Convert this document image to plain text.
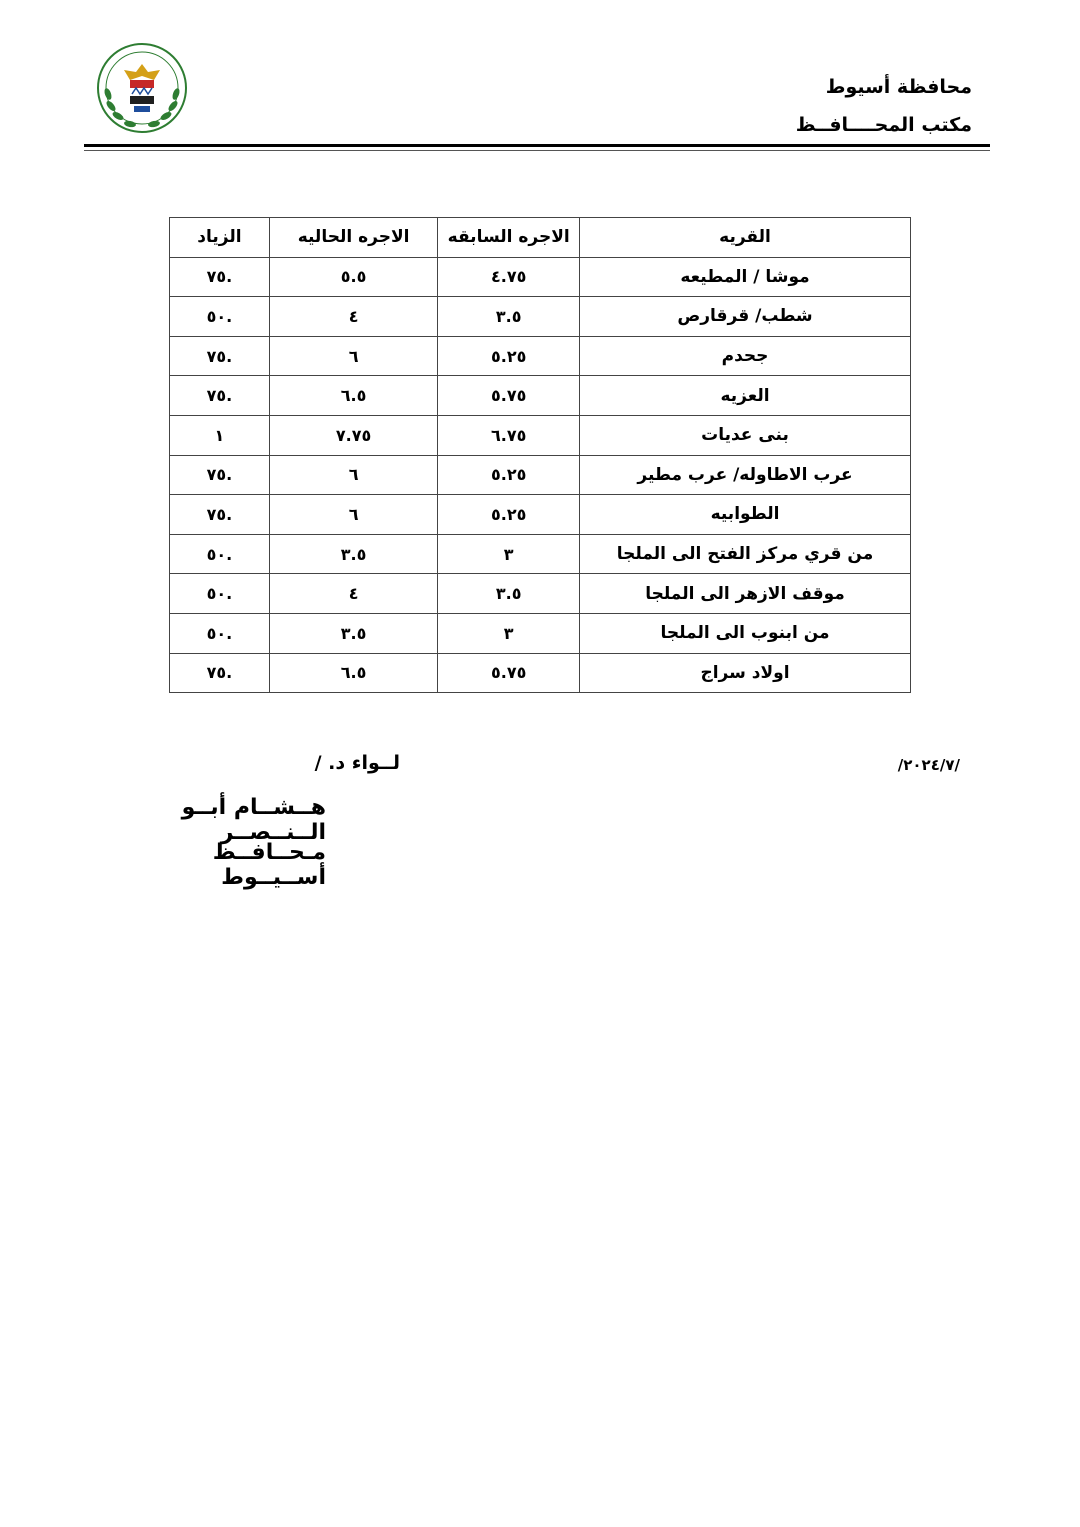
محافظة أسيوط
مكتب المحــــافــظ
القريه	الاجره السابقه	الاجره الحاليه	الزياد
موشا / المطيعه	٤.٧٥	٥.٥	.٧٥
شطب/ قرقارص	٣.٥	٤	.٥٠
جحدم	٥.٢٥	٦	.٧٥
العزيه	٥.٧٥	٦.٥	.٧٥
بنى عديات	٦.٧٥	٧.٧٥	١
عرب الاطاوله/ عرب مطير	٥.٢٥	٦	.٧٥
الطوابيه	٥.٢٥	٦	.٧٥
من قري مركز الفتح الى الملجا	٣	٣.٥	.٥٠
موقف الازهر الى الملجا	٣.٥	٤	.٥٠
من ابنوب الى الملجا	٣	٣.٥	.٥٠
اولاد سراج	٥.٧٥	٦.٥	.٧٥
/٢٠٢٤/٧/
لــواء د. /
هــشــام أبــو الــنــصــر
مـحــافــظ أســيــوط
